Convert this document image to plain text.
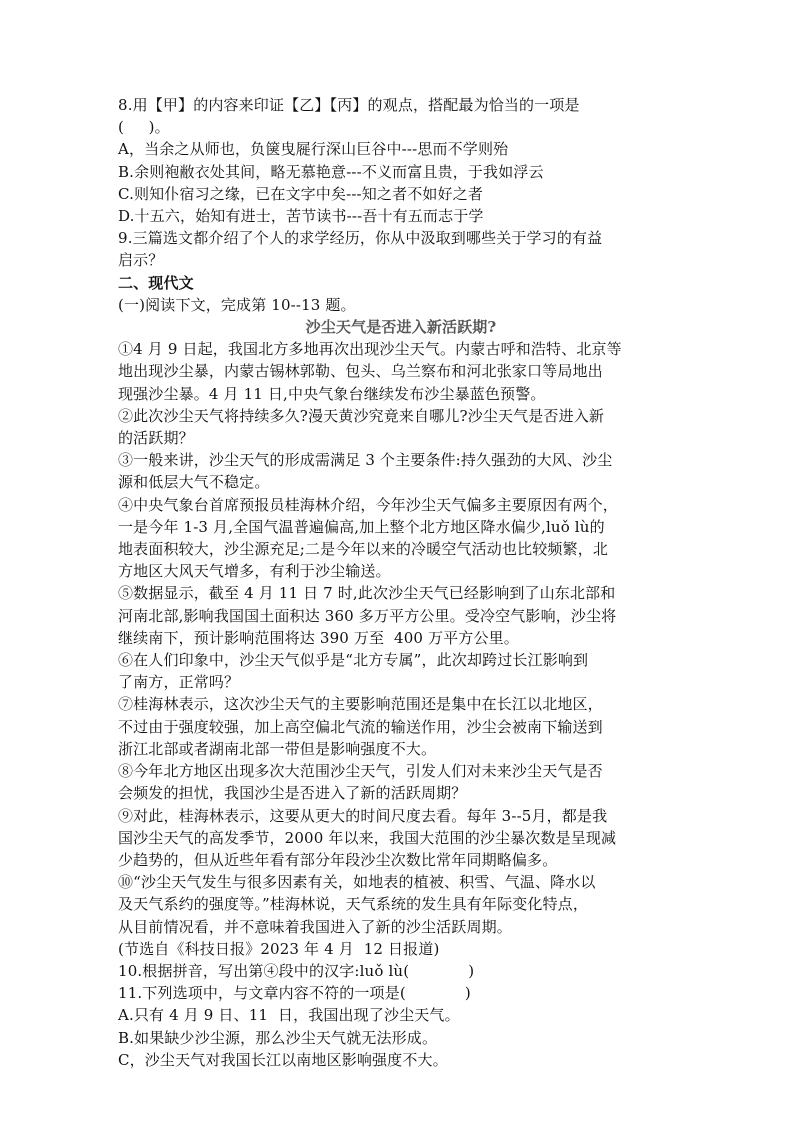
8.用【甲】的内容来印证【乙】【丙】的观点，搭配最为恰当的一项是
(     )。
A，当余之从师也，负箧曳屣行深山巨谷中---思而不学则殆
B.余则袍敝衣处其间，略无慕艳意---不义而富且贵，于我如浮云
C.则知仆宿习之缘，已在文字中矣---知之者不如好之者
D.十五六，始知有进士，苦节读书---吾十有五而志于学
9.三篇选文都介绍了个人的求学经历，你从中汲取到哪些关于学习的有益
启示？
二、现代文
(一)阅读下文，完成第 10--13 题。
沙尘天气是否进入新活跃期?
①4 月 9 日起，我国北方多地再次出现沙尘天气。内蒙古呼和浩特、北京等
地出现沙尘暴，内蒙古锡林郭勒、包头、乌兰察布和河北张家口等局地出
现强沙尘暴。4 月 11 日,中央气象台继续发布沙尘暴蓝色预警。
②此次沙尘天气将持续多久?漫天黄沙究竟来自哪儿?沙尘天气是否进入新
的活跃期？
③一般来讲，沙尘天气的形成需满足 3 个主要条件:持久强劲的大风、沙尘
源和低层大气不稳定。
④中央气象台首席预报员桂海林介绍，今年沙尘天气偏多主要原因有两个，
一是今年 1-3 月,全国气温普遍偏高,加上整个北方地区降水偏少,luǒ lù的
地表面积较大，沙尘源充足;二是今年以来的冷暖空气活动也比较频繁，北
方地区大风天气增多，有利于沙尘输送。
⑤数据显示，截至 4 月 11 日 7 时,此次沙尘天气已经影响到了山东北部和
河南北部,影响我国国土面积达 360 多万平方公里。受冷空气影响，沙尘将
继续南下，预计影响范围将达 390 万至  400 万平方公里。
⑥在人们印象中，沙尘天气似乎是“北方专属”，此次却跨过长江影响到
了南方，正常吗？
⑦桂海林表示，这次沙尘天气的主要影响范围还是集中在长江以北地区，
不过由于强度较强，加上高空偏北气流的输送作用，沙尘会被南下输送到
浙江北部或者湖南北部一带但是影响强度不大。
⑧今年北方地区出现多次大范围沙尘天气，引发人们对未来沙尘天气是否
会频发的担忧，我国沙尘是否进入了新的活跃周期？
⑨对此，桂海林表示，这要从更大的时间尺度去看。每年 3--5月，都是我
国沙尘天气的高发季节，2000 年以来，我国大范围的沙尘暴次数是呈现减
少趋势的，但从近些年看有部分年段沙尘次数比常年同期略偏多。
⑩“沙尘天气发生与很多因素有关，如地表的植被、积雪、气温、降水以
及天气系约的强度等。”桂海林说，天气系统的发生具有年际变化特点，
从目前情况看，并不意味着我国进入了新的沙尘活跃周期。
(节选自《科技日报》2023 年 4 月  12 日报道)
10.根据拼音，写出第④段中的汉字:luǒ lù(            )
11.下列选项中，与文章内容不符的一项是(            )
A.只有 4 月 9 日、11  日，我国出现了沙尘天气。
B.如果缺少沙尘源，那么沙尘天气就无法形成。
C，沙尘天气对我国长江以南地区影响强度不大。
